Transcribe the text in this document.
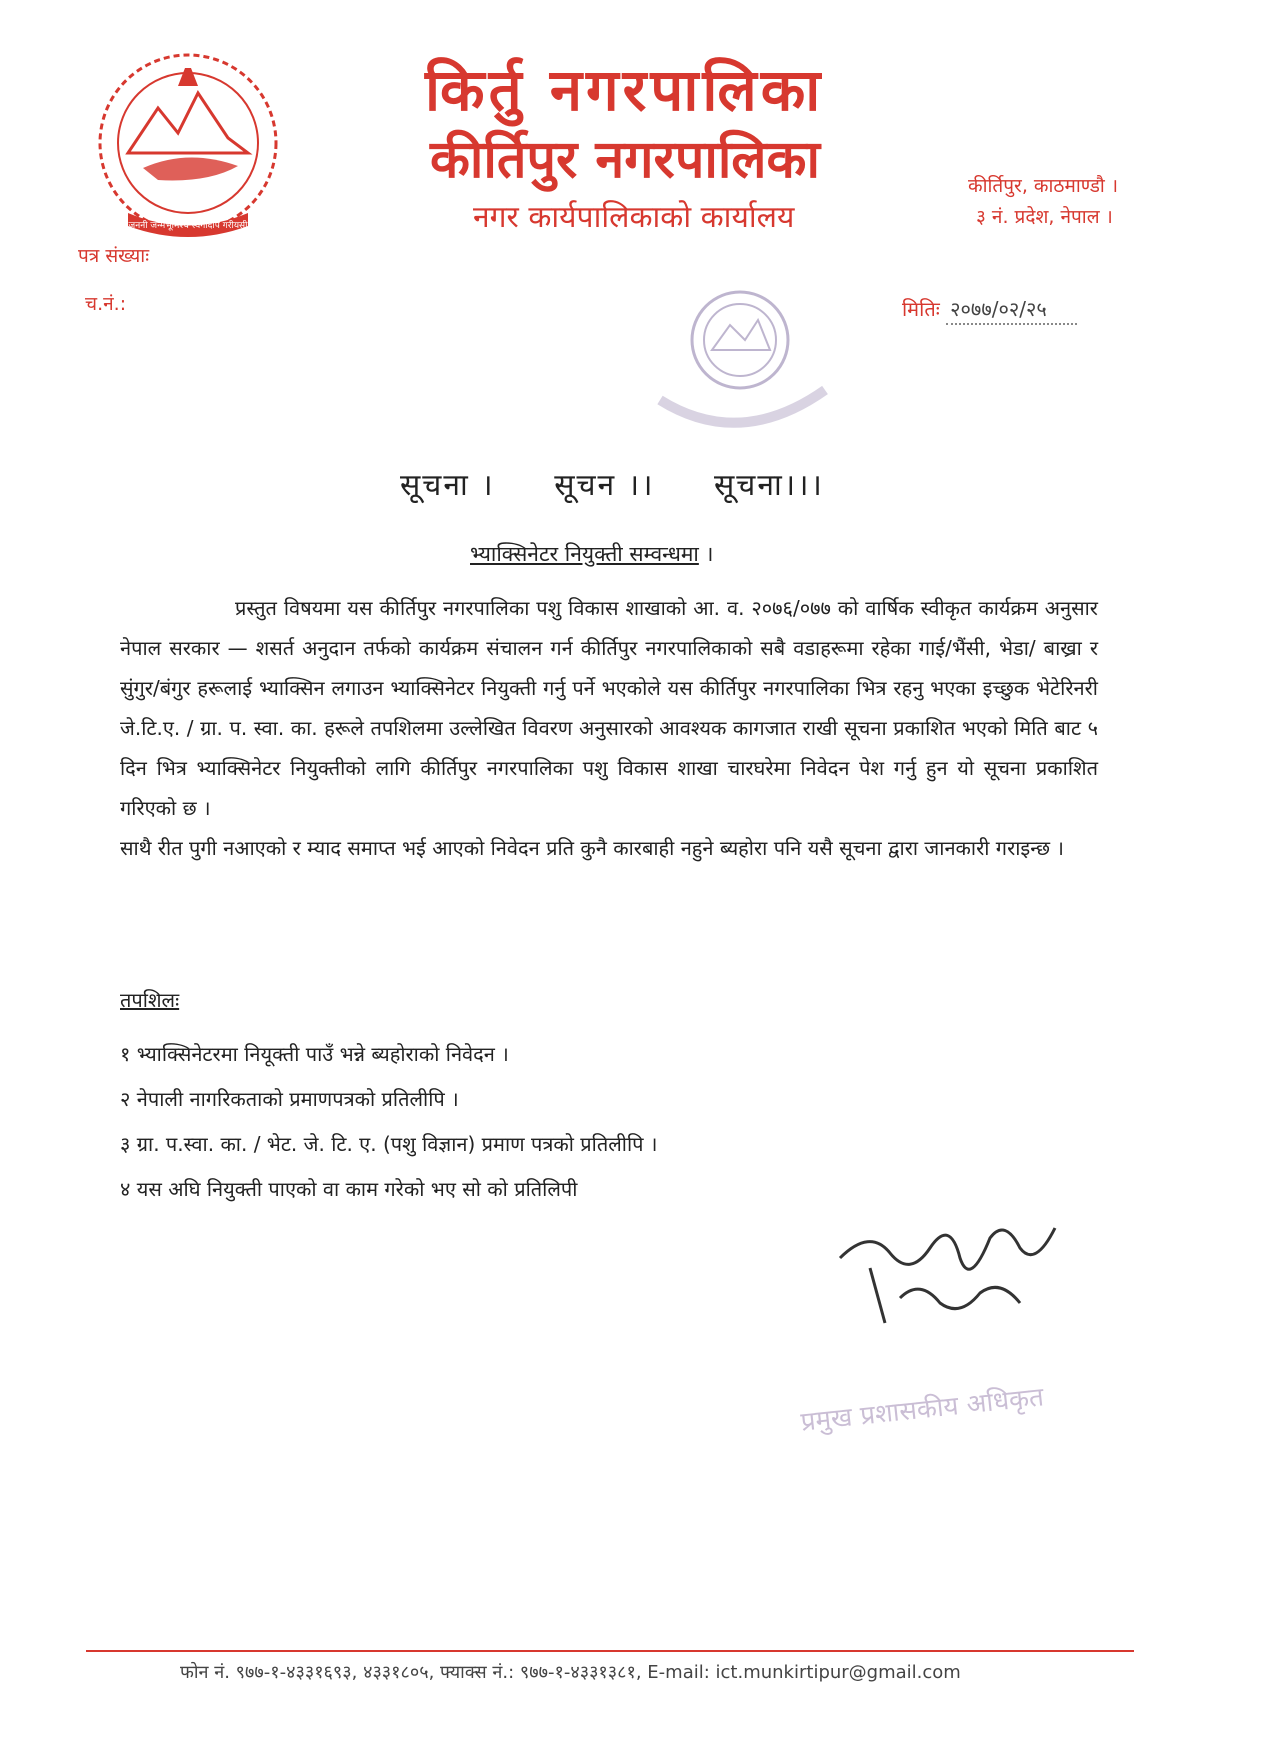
जननी जन्मभूमिश्च स्वर्गादपि गरीयसी
किर्तु नगरपालिका
कीर्तिपुर नगरपालिका
नगर कार्यपालिकाको कार्यालय
कीर्तिपुर, काठमाण्डौ ।
३ नं. प्रदेश, नेपाल ।
पत्र संख्याः
च.नं.:	मितिः २०७७/०२/२५
सूचना । सूचन ।। सूचना।।।
भ्याक्सिनेटर नियुक्ती सम्वन्धमा ।

प्रस्तुत विषयमा यस कीर्तिपुर नगरपालिका पशु विकास शाखाको आ. व. २०७६/०७७ को वार्षिक स्वीकृत कार्यक्रम अनुसार नेपाल सरकार — शसर्त अनुदान तर्फको कार्यक्रम संचालन गर्न कीर्तिपुर नगरपालिकाको सबै वडाहरूमा रहेका गाई/भैंसी, भेडा/ बाख्रा र सुंगुर/बंगुर हरूलाई भ्याक्सिन लगाउन भ्याक्सिनेटर नियुक्ती गर्नु पर्ने भएकोले यस कीर्तिपुर नगरपालिका भित्र रहनु भएका इच्छुक भेटेरिनरी जे.टि.ए. / ग्रा. प. स्वा. का. हरूले तपशिलमा उल्लेखित विवरण अनुसारको आवश्यक कागजात राखी सूचना प्रकाशित भएको मिति बाट ५ दिन भित्र भ्याक्सिनेटर नियुक्तीको लागि कीर्तिपुर नगरपालिका पशु विकास शाखा चारघरेमा निवेदन पेश गर्नु हुन यो सूचना प्रकाशित गरिएको छ ।

साथै रीत पुगी नआएको र म्याद समाप्त भई आएको निवेदन प्रति कुनै कारबाही नहुने ब्यहोरा पनि यसै सूचना द्वारा जानकारी गराइन्छ ।

तपशिलः
१ भ्याक्सिनेटरमा नियूक्ती पाउँ भन्ने ब्यहोराको निवेदन ।
२ नेपाली नागरिकताको प्रमाणपत्रको प्रतिलीपि ।
३ ग्रा. प.स्वा. का. / भेट. जे. टि. ए. (पशु विज्ञान) प्रमाण पत्रको प्रतिलीपि ।
४ यस अघि नियुक्ती पाएको वा काम गरेको भए सो को प्रतिलिपी
प्रमुख प्रशासकीय अधिकृत
फोन नं. ९७७-१-४३३१६९३, ४३३१८०५, फ्याक्स नं.: ९७७-१-४३३१३८१, E-mail: ict.munkirtipur@gmail.com
